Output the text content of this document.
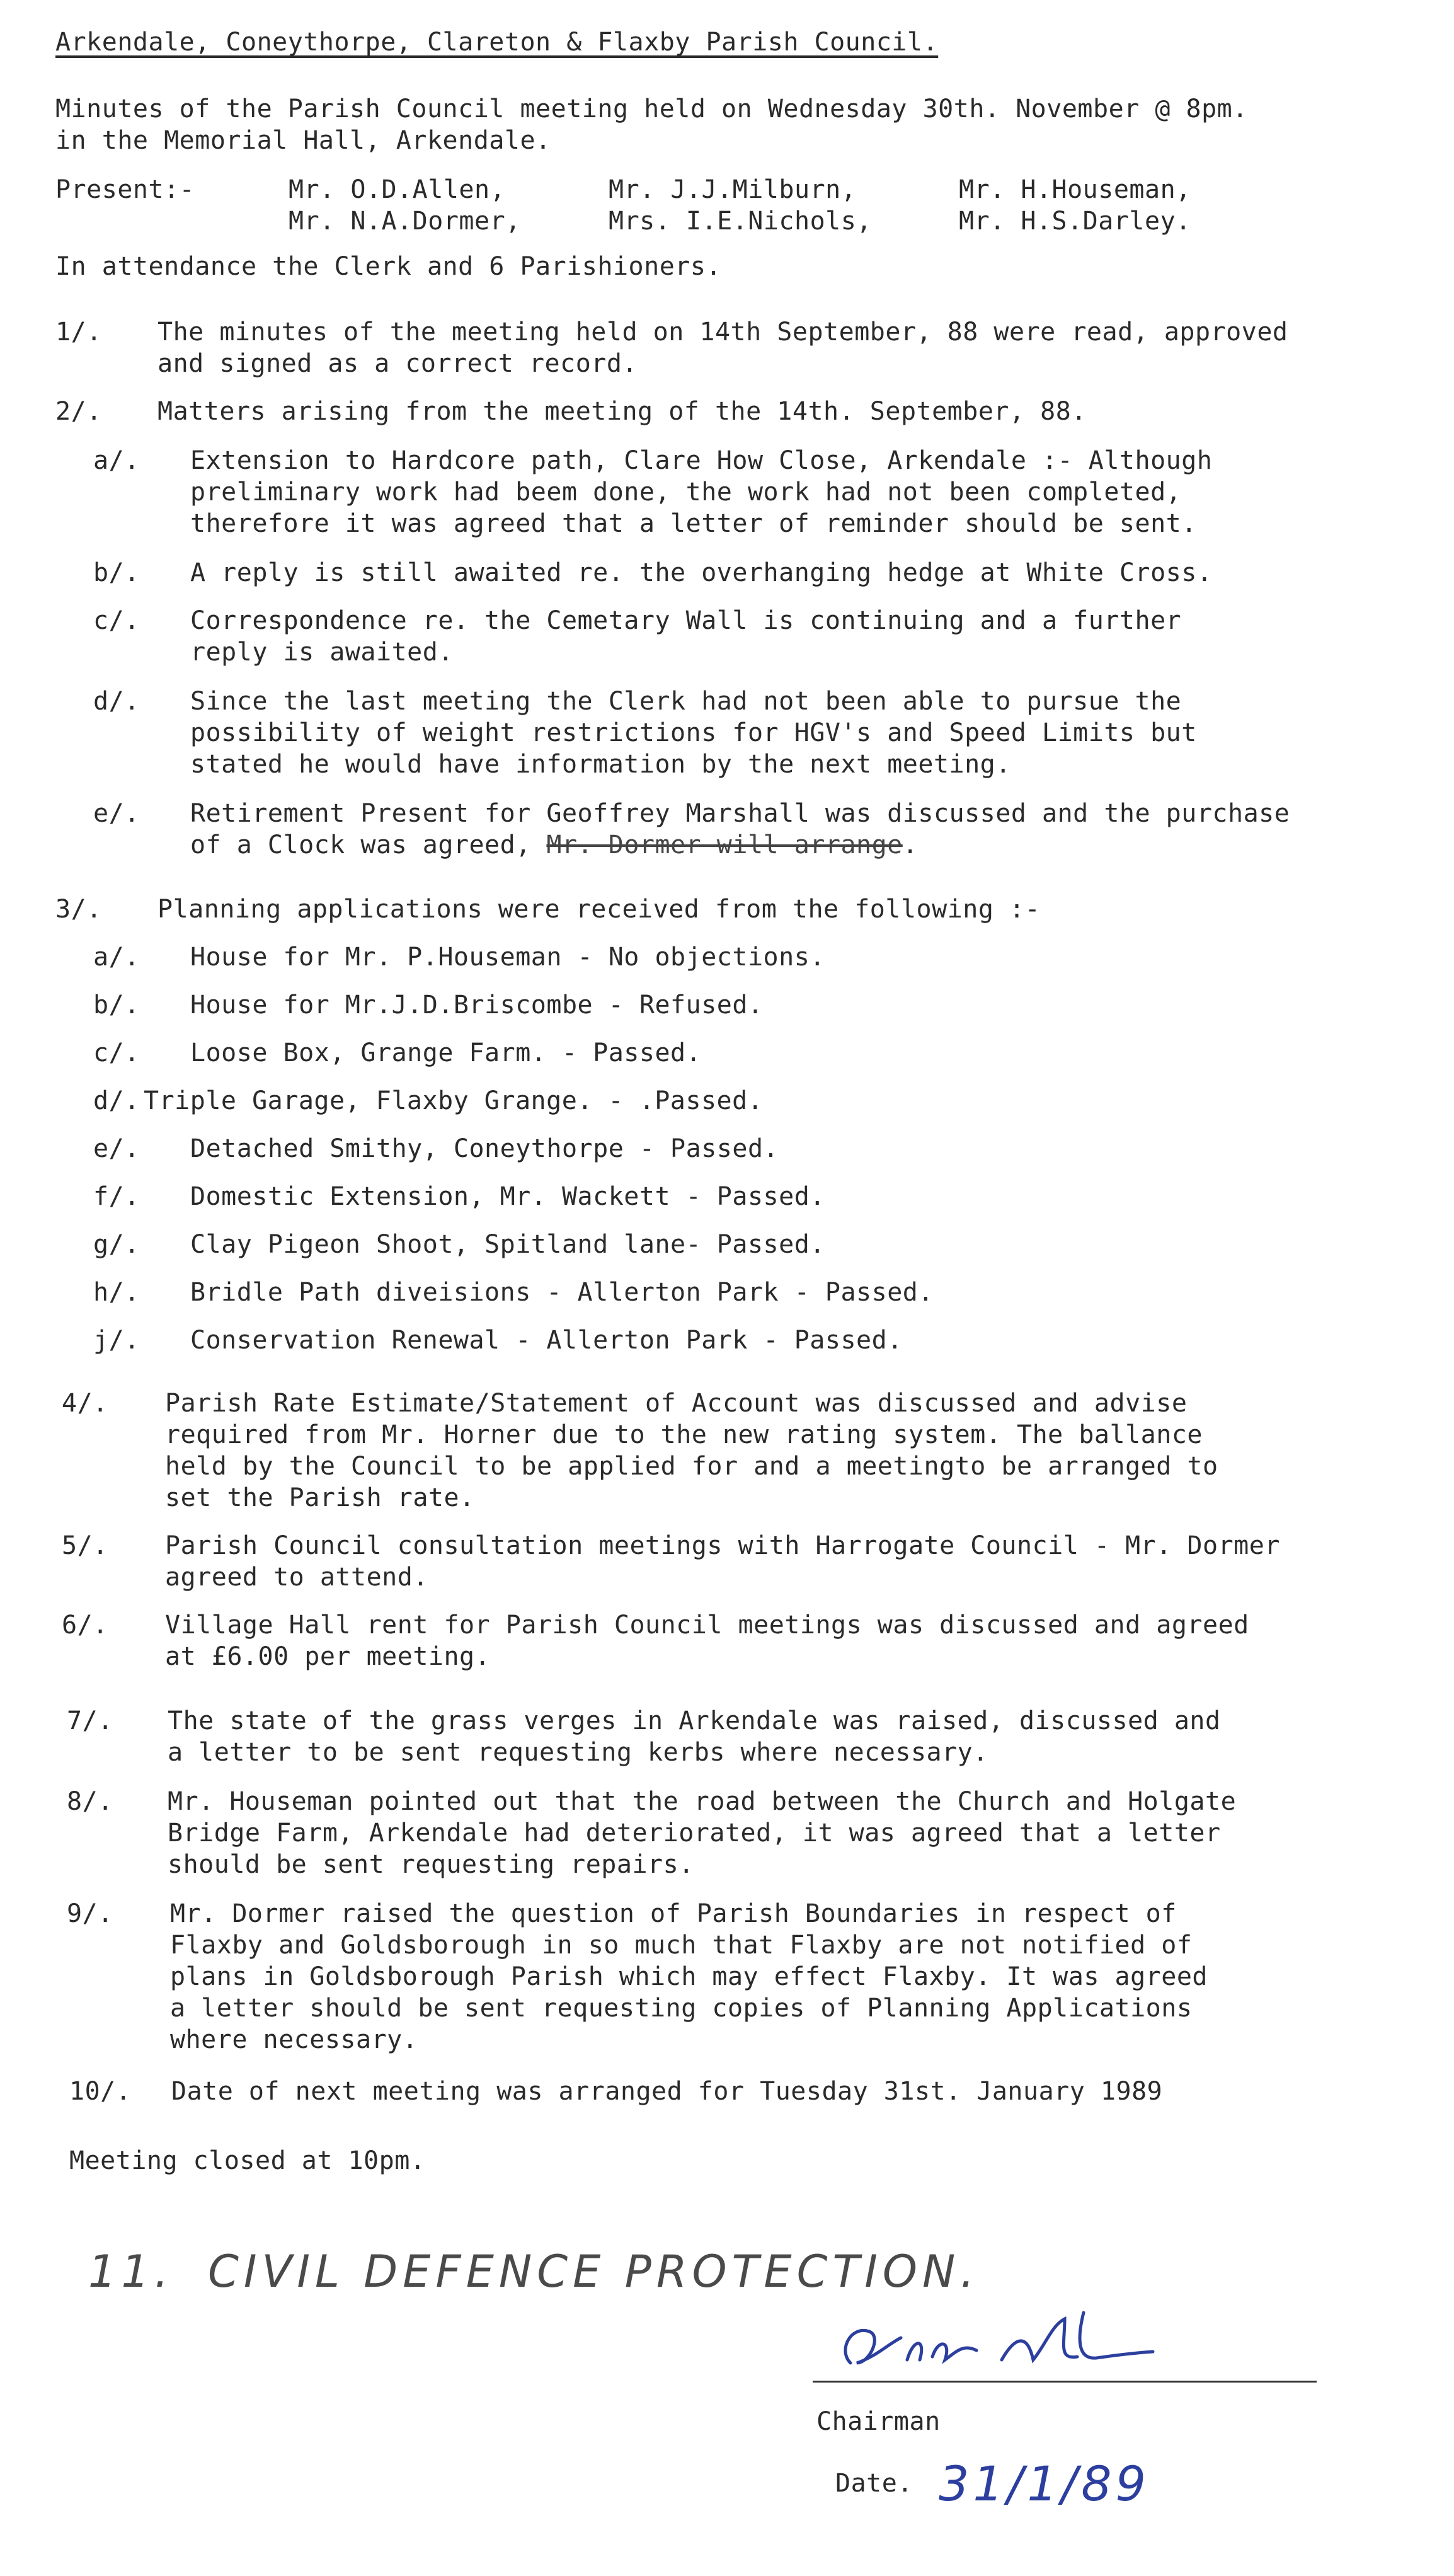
Arkendale, Coneythorpe, Clareton & Flaxby Parish Council.
Minutes of the Parish Council meeting held on Wednesday 30th. November @ 8pm.
in the Memorial Hall, Arkendale.
Present:-	Mr. O.D.Allen,	Mr. J.J.Milburn,	Mr. H.Houseman,
Mr. N.A.Dormer,	Mrs. I.E.Nichols,	Mr. H.S.Darley.
In attendance the Clerk and 6 Parishioners.
1/. The minutes of the meeting held on 14th September, 88 were read, approved
and signed as a correct record.
2/. Matters arising from the meeting of the 14th. September, 88.
a/. Extension to Hardcore path, Clare How Close, Arkendale :- Although
preliminary work had beem done, the work had not been completed,
therefore it was agreed that a letter of reminder should be sent.
b/. A reply is still awaited re. the overhanging hedge at White Cross.
c/. Correspondence re. the Cemetary Wall is continuing and a further
reply is awaited.
d/. Since the last meeting the Clerk had not been able to pursue the
possibility of weight restrictions for HGV's and Speed Limits but
stated he would have information by the next meeting.
e/. Retirement Present for Geoffrey Marshall was discussed and the purchase
of a Clock was agreed, Mr. Dormer will arrange.
3/. Planning applications were received from the following :-
a/. House for Mr. P.Houseman - No objections.
b/. House for Mr.J.D.Briscombe - Refused.
c/. Loose Box, Grange Farm. - Passed.
d/. Triple Garage, Flaxby Grange. - .Passed.
e/. Detached Smithy, Coneythorpe - Passed.
f/. Domestic Extension, Mr. Wackett - Passed.
g/. Clay Pigeon Shoot, Spitland lane- Passed.
h/. Bridle Path diveisions - Allerton Park - Passed.
j/. Conservation Renewal - Allerton Park - Passed.
4/. Parish Rate Estimate/Statement of Account was discussed and advise
required from Mr. Horner due to the new rating system. The ballance
held by the Council to be applied for and a meetingto be arranged to
set the Parish rate.
5/. Parish Council consultation meetings with Harrogate Council - Mr. Dormer
agreed to attend.
6/. Village Hall rent for Parish Council meetings was discussed and agreed
at £6.00 per meeting.
7/. The state of the grass verges in Arkendale was raised, discussed and
a letter to be sent requesting kerbs where necessary.
8/. Mr. Houseman pointed out that the road between the Church and Holgate
Bridge Farm, Arkendale had deteriorated, it was agreed that a letter
should be sent requesting repairs.
9/. Mr. Dormer raised the question of Parish Boundaries in respect of
Flaxby and Goldsborough in so much that Flaxby are not notified of
plans in Goldsborough Parish which may effect Flaxby. It was agreed
a letter should be sent requesting copies of Planning Applications
where necessary.
10/. Date of next meeting was arranged for Tuesday 31st. January 1989
Meeting closed at 10pm.
11. CIVIL DEFENCE PROTECTION.
Chairman
Date. 31/1/89
